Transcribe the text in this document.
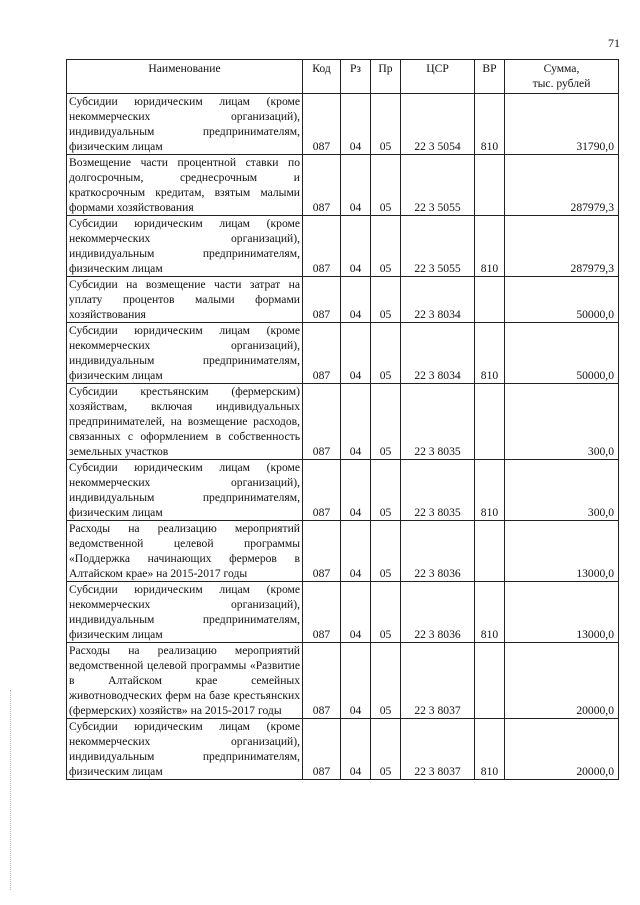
71
Наименование	Код	Рз	Пр	ЦСР	ВР	Сумма,
тыс. рублей
Субсидии юридическим лицам (кроме некоммерческих организаций), индивидуальным предпринимателям, физическим лицам	087	04	05	22 3 5054	810	31790,0
Возмещение части процентной ставки по долгосрочным, среднесрочным и краткосрочным кредитам, взятым малыми формами хозяйствования	087	04	05	22 3 5055		287979,3
Субсидии юридическим лицам (кроме некоммерческих организаций), индивидуальным предпринимателям, физическим лицам	087	04	05	22 3 5055	810	287979,3
Субсидии на возмещение части затрат на уплату процентов малыми формами хозяйствования	087	04	05	22 3 8034		50000,0
Субсидии юридическим лицам (кроме некоммерческих организаций), индивидуальным предпринимателям, физическим лицам	087	04	05	22 3 8034	810	50000,0
Субсидии крестьянским (фермерским) хозяйствам, включая индивидуальных предпринимателей, на возмещение расходов, связанных с оформлением в собственность земельных участков	087	04	05	22 3 8035		300,0
Субсидии юридическим лицам (кроме некоммерческих организаций), индивидуальным предпринимателям, физическим лицам	087	04	05	22 3 8035	810	300,0
Расходы на реализацию мероприятий ведомственной целевой программы «Поддержка начинающих фермеров в Алтайском крае» на 2015-2017 годы	087	04	05	22 3 8036		13000,0
Субсидии юридическим лицам (кроме некоммерческих организаций), индивидуальным предпринимателям, физическим лицам	087	04	05	22 3 8036	810	13000,0
Расходы на реализацию мероприятий ведомственной целевой программы «Развитие в Алтайском крае семейных животноводческих ферм на базе крестьянских (фермерских) хозяйств» на 2015-2017 годы	087	04	05	22 3 8037		20000,0
Субсидии юридическим лицам (кроме некоммерческих организаций), индивидуальным предпринимателям, физическим лицам	087	04	05	22 3 8037	810	20000,0
